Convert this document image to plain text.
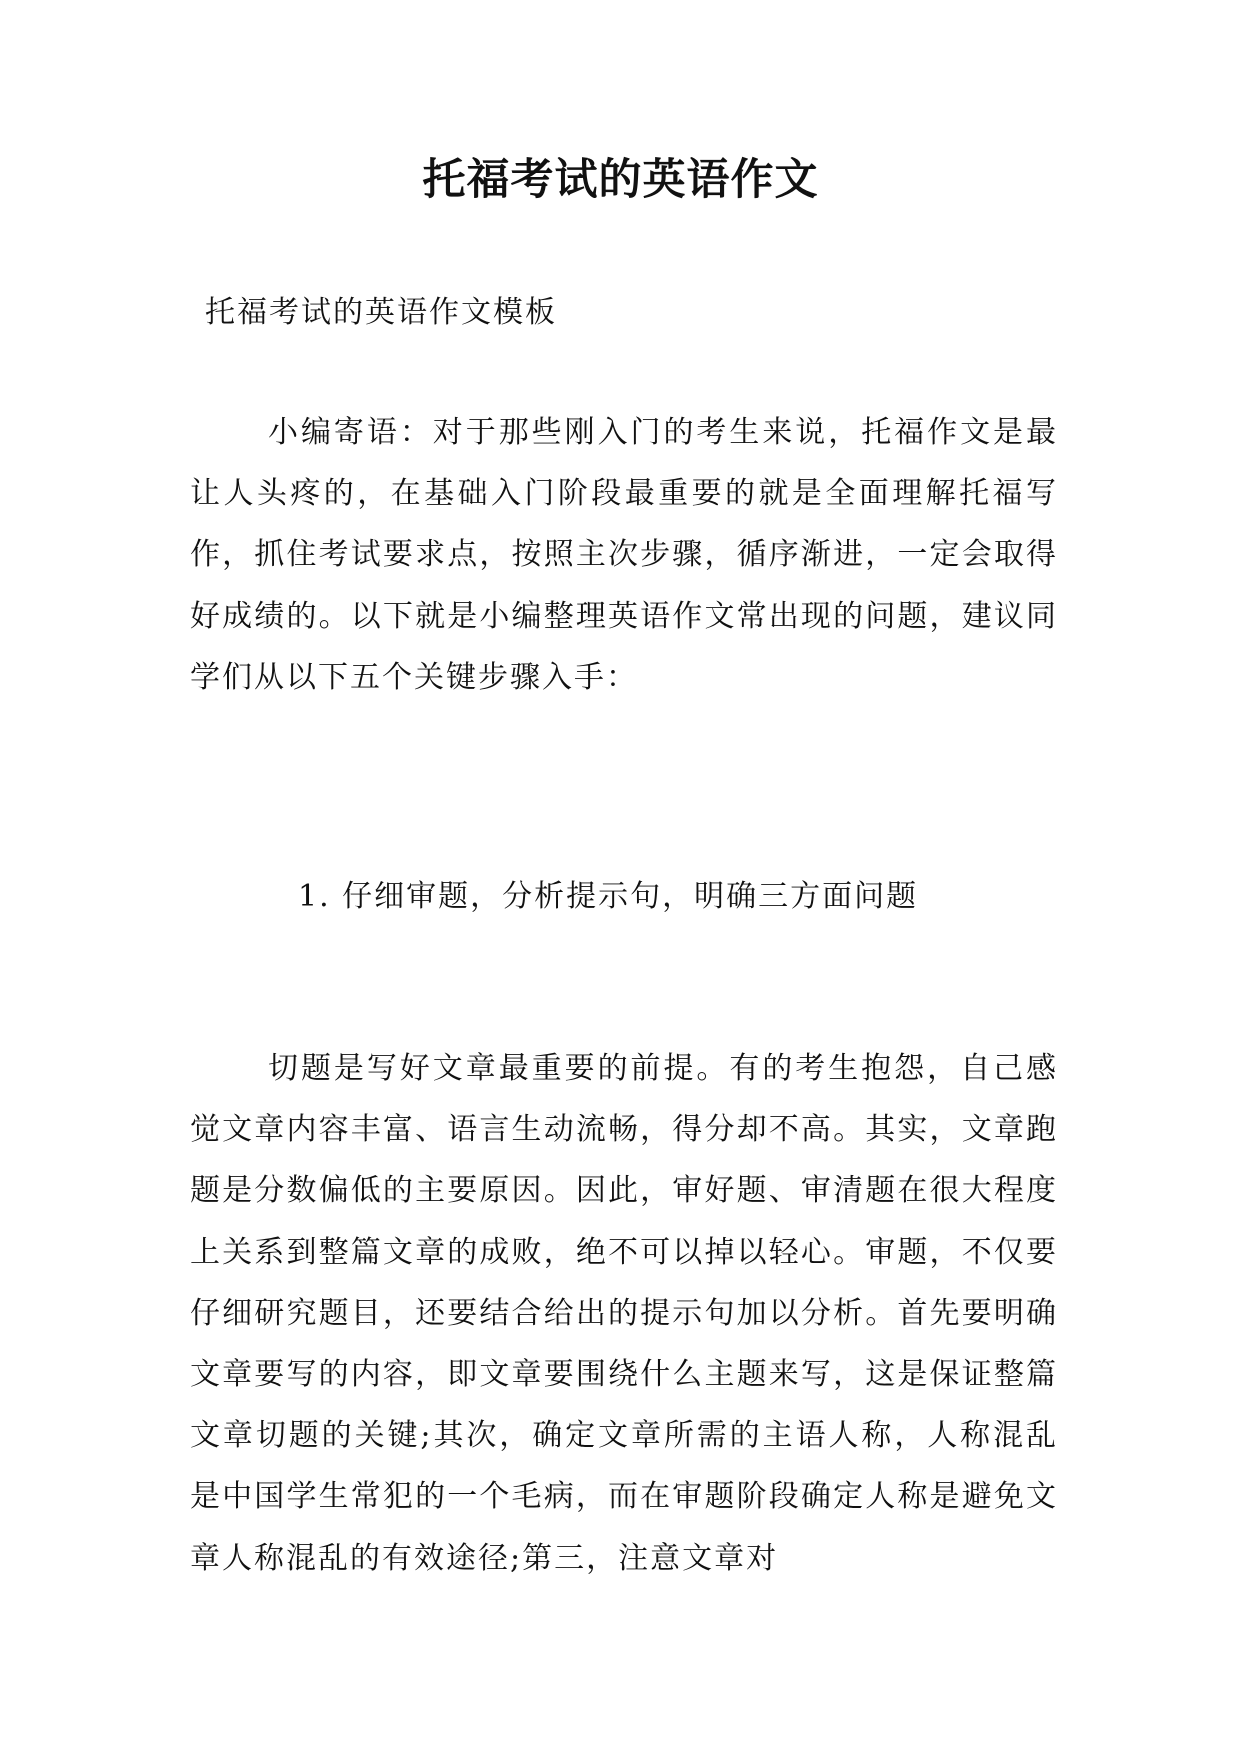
托福考试的英语作文

托福考试的英语作文模板

小编寄语：对于那些刚入门的考生来说，托福作文是最让人头疼的，在基础入门阶段最重要的就是全面理解托福写作，抓住考试要求点，按照主次步骤，循序渐进，一定会取得好成绩的。以下就是小编整理英语作文常出现的问题，建议同学们从以下五个关键步骤入手：

1. 仔细审题，分析提示句，明确三方面问题

切题是写好文章最重要的前提。有的考生抱怨，自己感觉文章内容丰富、语言生动流畅，得分却不高。其实，文章跑题是分数偏低的主要原因。因此，审好题、审清题在很大程度上关系到整篇文章的成败，绝不可以掉以轻心。审题，不仅要仔细研究题目，还要结合给出的提示句加以分析。首先要明确文章要写的内容，即文章要围绕什么主题来写，这是保证整篇文章切题的关键;其次，确定文章所需的主语人称，人称混乱是中国学生常犯的一个毛病，而在审题阶段确定人称是避免文章人称混乱的有效途径;第三，注意文章对
